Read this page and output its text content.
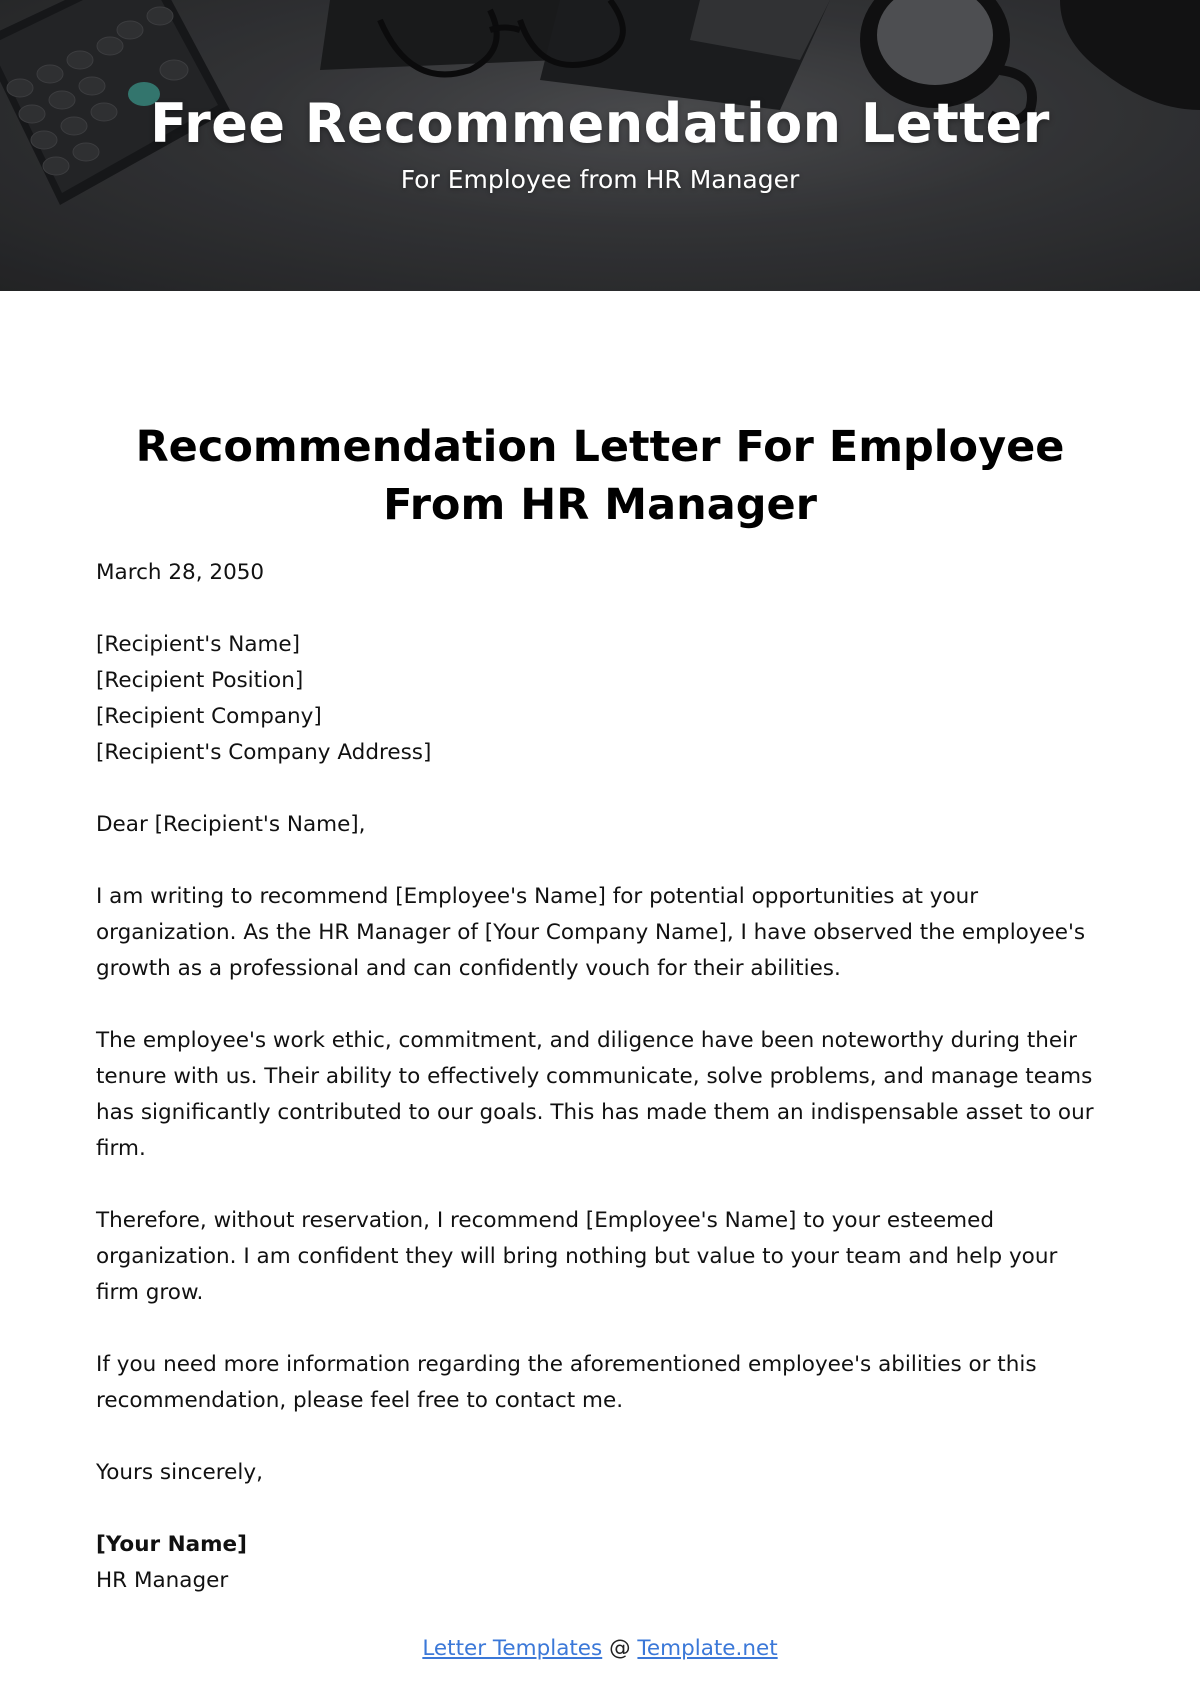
Free Recommendation Letter
For Employee from HR Manager
Recommendation Letter For Employee
From HR Manager

March 28, 2050

[Recipient's Name]
[Recipient Position]
[Recipient Company]
[Recipient's Company Address]

Dear [Recipient's Name],

I am writing to recommend [Employee's Name] for potential opportunities at your organization. As the HR Manager of [Your Company Name], I have observed the employee's growth as a professional and can confidently vouch for their abilities.

The employee's work ethic, commitment, and diligence have been noteworthy during their tenure with us. Their ability to effectively communicate, solve problems, and manage teams has significantly contributed to our goals. This has made them an indispensable asset to our firm.

Therefore, without reservation, I recommend [Employee's Name] to your esteemed organization. I am confident they will bring nothing but value to your team and help your firm grow.

If you need more information regarding the aforementioned employee's abilities or this recommendation, please feel free to contact me.

Yours sincerely,

[Your Name]
HR Manager

Letter Templates @ Template.net
